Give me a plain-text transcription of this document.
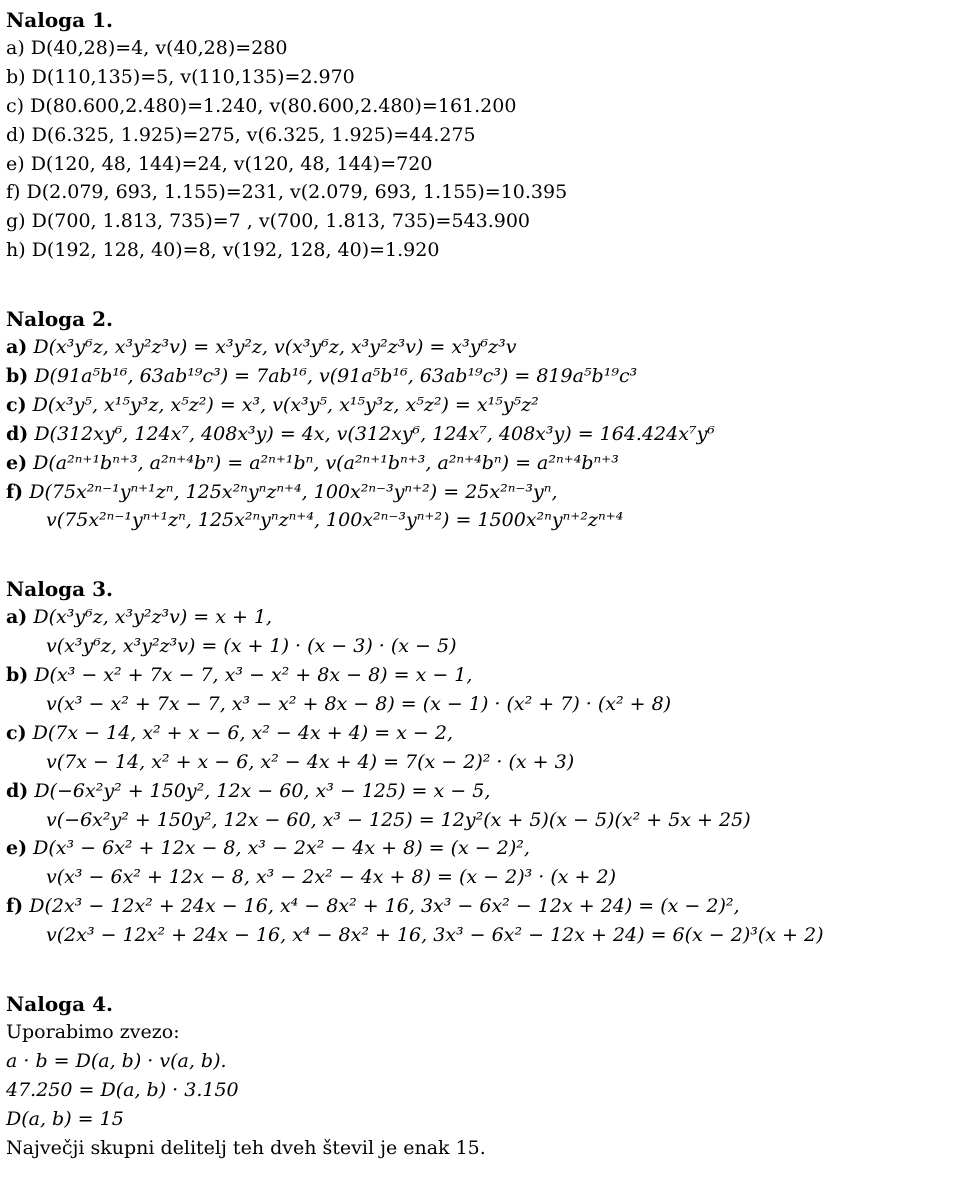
Naloga 1.
a) D(40,28)=4, v(40,28)=280
b) D(110,135)=5, v(110,135)=2.970
c) D(80.600,2.480)=1.240, v(80.600,2.480)=161.200
d) D(6.325, 1.925)=275, v(6.325, 1.925)=44.275
e) D(120, 48, 144)=24, v(120, 48, 144)=720
f) D(2.079, 693, 1.155)=231, v(2.079, 693, 1.155)=10.395
g) D(700, 1.813, 735)=7 , v(700, 1.813, 735)=543.900
h) D(192, 128, 40)=8, v(192, 128, 40)=1.920
Naloga 2.
a) D(x³y⁶z, x³y²z³v) = x³y²z, v(x³y⁶z, x³y²z³v) = x³y⁶z³v
b) D(91a⁵b¹⁶, 63ab¹⁹c³) = 7ab¹⁶, v(91a⁵b¹⁶, 63ab¹⁹c³) = 819a⁵b¹⁹c³
c) D(x³y⁵, x¹⁵y³z, x⁵z²) = x³, v(x³y⁵, x¹⁵y³z, x⁵z²) = x¹⁵y⁵z²
d) D(312xy⁶, 124x⁷, 408x³y) = 4x, v(312xy⁶, 124x⁷, 408x³y) = 164.424x⁷y⁶
e) D(a²ⁿ⁺¹bⁿ⁺³, a²ⁿ⁺⁴bⁿ) = a²ⁿ⁺¹bⁿ, v(a²ⁿ⁺¹bⁿ⁺³, a²ⁿ⁺⁴bⁿ) = a²ⁿ⁺⁴bⁿ⁺³
f) D(75x²ⁿ⁻¹yⁿ⁺¹zⁿ, 125x²ⁿyⁿzⁿ⁺⁴, 100x²ⁿ⁻³yⁿ⁺²) = 25x²ⁿ⁻³yⁿ,
v(75x²ⁿ⁻¹yⁿ⁺¹zⁿ, 125x²ⁿyⁿzⁿ⁺⁴, 100x²ⁿ⁻³yⁿ⁺²) = 1500x²ⁿyⁿ⁺²zⁿ⁺⁴
Naloga 3.
a) D(x³y⁶z, x³y²z³v) = x + 1,
v(x³y⁶z, x³y²z³v) = (x + 1) · (x − 3) · (x − 5)
b) D(x³ − x² + 7x − 7, x³ − x² + 8x − 8) = x − 1,
v(x³ − x² + 7x − 7, x³ − x² + 8x − 8) = (x − 1) · (x² + 7) · (x² + 8)
c) D(7x − 14, x² + x − 6, x² − 4x + 4) = x − 2,
v(7x − 14, x² + x − 6, x² − 4x + 4) = 7(x − 2)² · (x + 3)
d) D(−6x²y² + 150y², 12x − 60, x³ − 125) = x − 5,
v(−6x²y² + 150y², 12x − 60, x³ − 125) = 12y²(x + 5)(x − 5)(x² + 5x + 25)
e) D(x³ − 6x² + 12x − 8, x³ − 2x² − 4x + 8) = (x − 2)²,
v(x³ − 6x² + 12x − 8, x³ − 2x² − 4x + 8) = (x − 2)³ · (x + 2)
f) D(2x³ − 12x² + 24x − 16, x⁴ − 8x² + 16, 3x³ − 6x² − 12x + 24) = (x − 2)²,
v(2x³ − 12x² + 24x − 16, x⁴ − 8x² + 16, 3x³ − 6x² − 12x + 24) = 6(x − 2)³(x + 2)
Naloga 4.
Uporabimo zvezo:
a · b = D(a, b) · v(a, b).
47.250 = D(a, b) · 3.150
D(a, b) = 15
Največji skupni delitelj teh dveh števil je enak 15.
